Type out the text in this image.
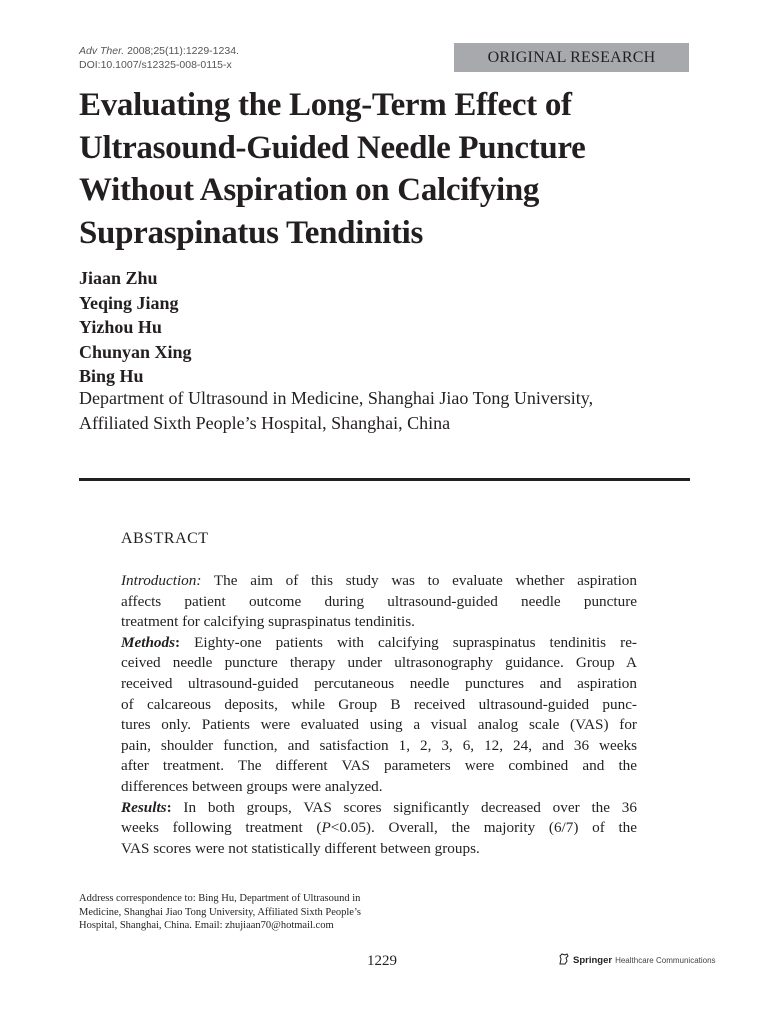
Adv Ther. 2008;25(11):1229-1234.
DOI:10.1007/s12325-008-0115-x	ORIGINAL RESEARCH
Evaluating the Long-Term Effect of
Ultrasound-Guided Needle Puncture
Without Aspiration on Calcifying
Supraspinatus Tendinitis
Jiaan Zhu
Yeqing Jiang
Yizhou Hu
Chunyan Xing
Bing Hu
Department of Ultrasound in Medicine, Shanghai Jiao Tong University,
Affiliated Sixth People’s Hospital, Shanghai, China
ABSTRACT
Introduction: The aim of this study was to evaluate whether aspiration
affects patient outcome during ultrasound-guided needle puncture
treatment for calcifying supraspinatus tendinitis.
Methods: Eighty-one patients with calcifying supraspinatus tendinitis re-
ceived needle puncture therapy under ultrasonography guidance. Group A
received ultrasound-guided percutaneous needle punctures and aspiration
of calcareous deposits, while Group B received ultrasound-guided punc-
tures only. Patients were evaluated using a visual analog scale (VAS) for
pain, shoulder function, and satisfaction 1, 2, 3, 6, 12, 24, and 36 weeks
after treatment. The different VAS parameters were combined and the
differences between groups were analyzed.
Results: In both groups, VAS scores significantly decreased over the 36
weeks following treatment (P<0.05). Overall, the majority (6/7) of the
VAS scores were not statistically different between groups.
Address correspondence to: Bing Hu, Department of Ultrasound in
Medicine, Shanghai Jiao Tong University, Affiliated Sixth People’s
Hospital, Shanghai, China. Email: zhujiaan70@hotmail.com
1229	Springer Healthcare Communications
